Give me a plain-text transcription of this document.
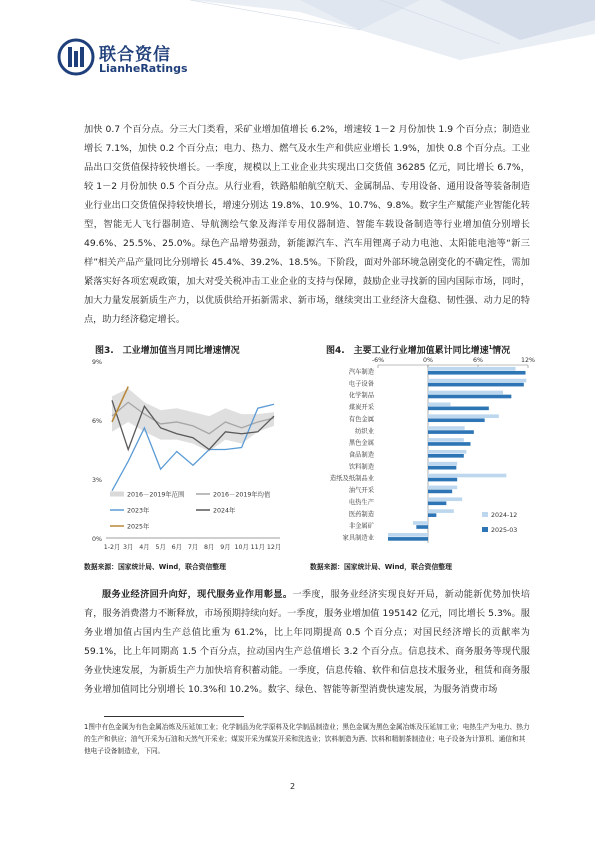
联合资信
LianheRatings
加快 0.7 个百分点。分三大门类看，采矿业增加值增长 6.2%，增速较 1－2 月份加快 1.9 个百分点；制造业增长 7.1%，加快 0.2 个百分点；电力、热力、燃气及水生产和供应业增长 1.9%，加快 0.8 个百分点。工业品出口交货值保持较快增长。一季度，规模以上工业企业共实现出口交货值 36285 亿元，同比增长 6.7%，较 1－2 月份加快 0.5 个百分点。从行业看，铁路船舶航空航天、金属制品、专用设备、通用设备等装备制造业行业出口交货值保持较快增长，增速分别达 19.8%、10.9%、10.7%、9.8%。数字生产赋能产业智能化转型，智能无人飞行器制造、导航测绘气象及海洋专用仪器制造、智能车载设备制造等行业增加值分别增长 49.6%、25.5%、25.0%。绿色产品增势强劲，新能源汽车、汽车用锂离子动力电池、太阳能电池等“新三样”相关产品产量同比分别增长 45.4%、39.2%、18.5%。下阶段，面对外部环境急剧变化的不确定性，需加紧落实好各项宏观政策，加大对受关税冲击工业企业的支持与保障，鼓励企业寻找新的国内国际市场，同时，加大力量发展新质生产力，以优质供给开拓新需求、新市场，继续突出工业经济大盘稳、韧性强、动力足的特点，助力经济稳定增长。
图3.　工业增加值当月同比增速情况
0%
3%
6%
9%
1-2月 3月 4月 5月 6月 7月 8月 9月 10月 11月 12月
2016－2019年范围	2016－2019年均值
2023年	2024年
2025年
数据来源：国家统计局、Wind，联合资信整理
图4.　主要工业行业增加值累计同比增速$^1$情况
-6%	0%	6%	12%
汽车制造
电子设备
化学制品
煤炭开采
有色金属
纺织业
黑色金属
食品制造
饮料制造
造纸及纸制品业
油气开采
电热生产
医药制造
非金属矿
家具制造业
2024-12
2025-03
数据来源：国家统计局、Wind，联合资信整理
服务业经济回升向好，现代服务业作用彰显。一季度，服务业经济实现良好开局，新动能新优势加快培育，服务消费潜力不断释放，市场预期持续向好。一季度，服务业增加值 195142 亿元，同比增长 5.3%。服务业增加值占国内生产总值比重为 61.2%，比上年同期提高 0.5 个百分点；对国民经济增长的贡献率为 59.1%，比上年同期高 1.5 个百分点，拉动国内生产总值增长 3.2 个百分点。信息技术、商务服务等现代服务业快速发展，为新质生产力加快培育积蓄动能。一季度，信息传输、软件和信息技术服务业，租赁和商务服务业增加值同比分别增长 10.3%和 10.2%。数字、绿色、智能等新型消费快速发展，为服务消费市场
1图中有色金属为有色金属冶炼及压延加工业；化学制品为化学原料及化学制品制造业；黑色金属为黑色金属冶炼及压延加工业；电热生产为电力、热力的生产和供应；油气开采为石油和天然气开采业；煤炭开采为煤炭开采和洗选业；饮料制造为酒、饮料和精制茶制造业；电子设备为计算机、通信和其他电子设备制造业，下同。
2
